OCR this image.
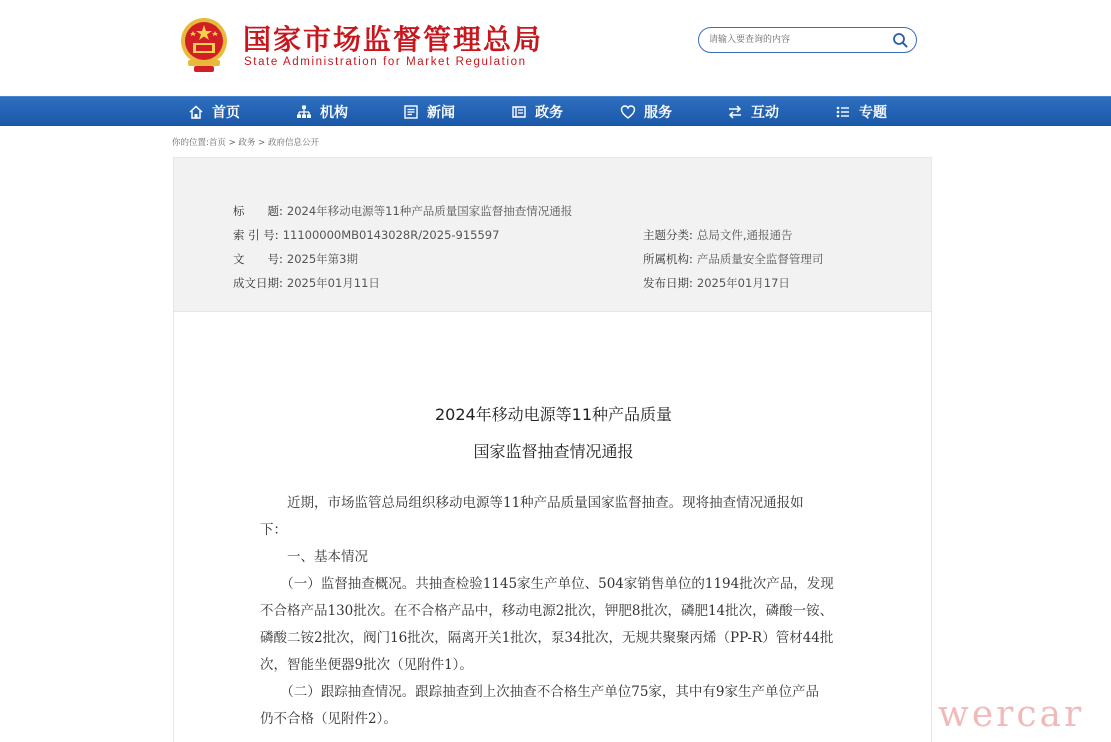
国家市场监督管理总局
State Administration for Market Regulation
请输入要查询的内容
首页	机构	新闻	政务	服务	互动	专题
你的位置:首页 > 政务 > 政府信息公开
标　　题: 2024年移动电源等11种产品质量国家监督抽查情况通报
索 引 号: 11100000MB0143028R/2025-915597
文　　号: 2025年第3期
成文日期: 2025年01月11日
主题分类: 总局文件,通报通告
所属机构: 产品质量安全监督管理司
发布日期: 2025年01月17日
2024年移动电源等11种产品质量
国家监督抽查情况通报
　　近期，市场监管总局组织移动电源等11种产品质量国家监督抽查。现将抽查情况通报如
下：
　　一、基本情况
　　（一）监督抽查概况。共抽查检验1145家生产单位、504家销售单位的1194批次产品，发现
不合格产品130批次。在不合格产品中，移动电源2批次，钾肥8批次，磷肥14批次，磷酸一铵、
磷酸二铵2批次，阀门16批次，隔离开关1批次，泵34批次，无规共聚聚丙烯（PP-R）管材44批
次，智能坐便器9批次（见附件1）。
　　（二）跟踪抽查情况。跟踪抽查到上次抽查不合格生产单位75家，其中有9家生产单位产品
仍不合格（见附件2）。	wercar
